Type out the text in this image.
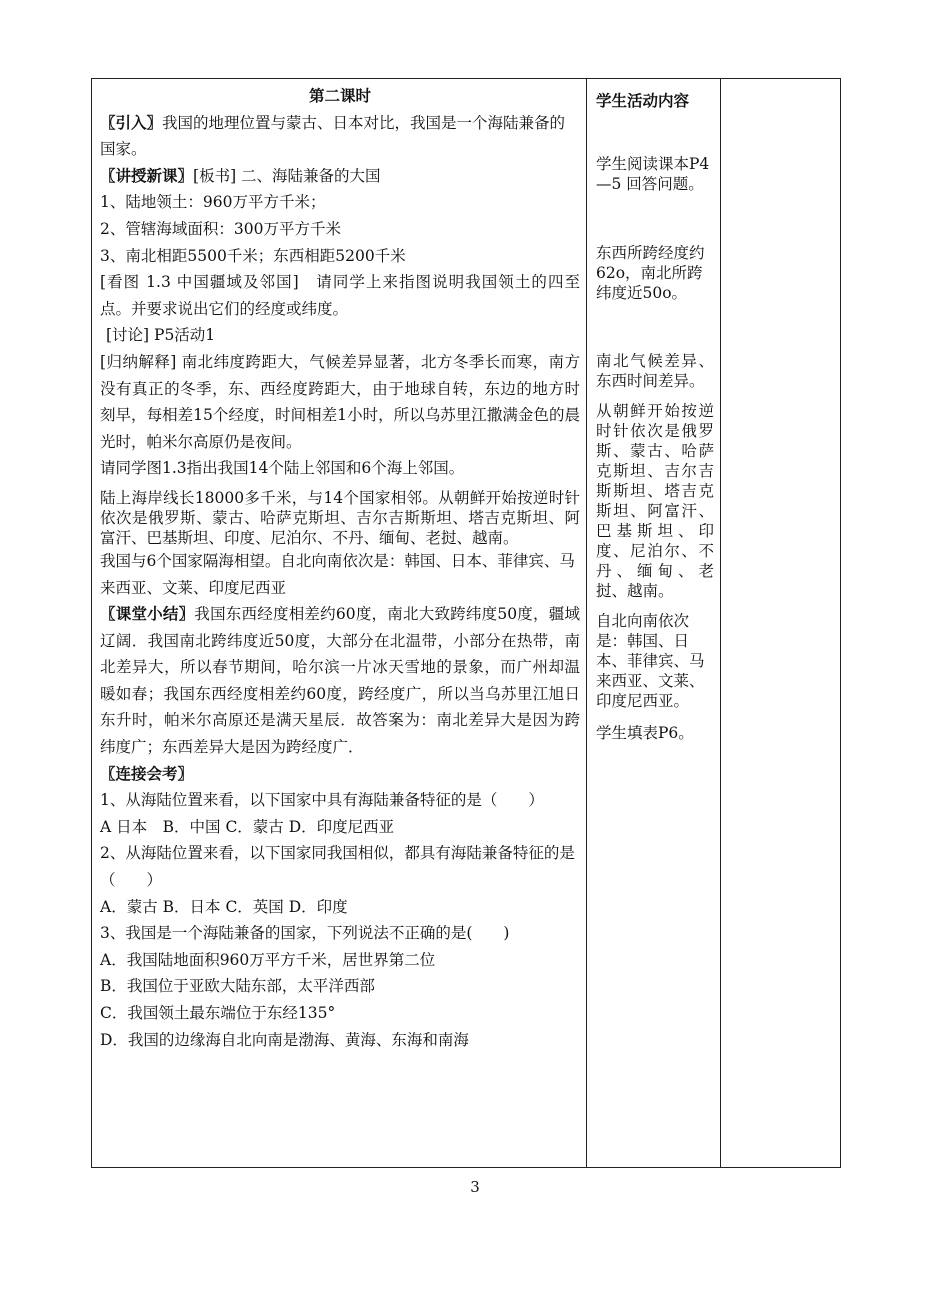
第二课时

〖引入〗我国的地理位置与蒙古、日本对比，我国是一个海陆兼备的国家。

〖讲授新课〗[板书] 二、海陆兼备的大国

1、陆地领土：960万平方千米；

2、管辖海域面积：300万平方千米

3、南北相距5500千米；东西相距5200千米

[看图 1.3 中国疆域及邻国]　请同学上来指图说明我国领土的四至点。并要求说出它们的经度或纬度。

[讨论] P5活动1

[归纳解释] 南北纬度跨距大，气候差异显著，北方冬季长而寒，南方没有真正的冬季，东、西经度跨距大，由于地球自转，东边的地方时刻早，每相差15个经度，时间相差1小时，所以乌苏里江撒满金色的晨光时，帕米尔高原仍是夜间。

请同学图1.3指出我国14个陆上邻国和6个海上邻国。

陆上海岸线长18000多千米，与14个国家相邻。从朝鲜开始按逆时针依次是俄罗斯、蒙古、哈萨克斯坦、吉尔吉斯斯坦、塔吉克斯坦、阿富汗、巴基斯坦、印度、尼泊尔、不丹、缅甸、老挝、越南。

我国与6个国家隔海相望。自北向南依次是：韩国、日本、菲律宾、马来西亚、文莱、印度尼西亚

〖课堂小结〗我国东西经度相差约60度，南北大致跨纬度50度，疆域辽阔．我国南北跨纬度近50度，大部分在北温带，小部分在热带，南北差异大，所以春节期间，哈尔滨一片冰天雪地的景象，而广州却温暖如春；我国东西经度相差约60度，跨经度广，所以当乌苏里江旭日东升时，帕米尔高原还是满天星辰．故答案为：南北差异大是因为跨纬度广；东西差异大是因为跨经度广．

〖连接会考〗

1、从海陆位置来看，以下国家中具有海陆兼备特征的是（　　）

A 日本　B．中国 C．蒙古 D．印度尼西亚

2、从海陆位置来看，以下国家同我国相似，都具有海陆兼备特征的是（　　）

A．蒙古 B．日本 C．英国 D．印度

3、我国是一个海陆兼备的国家，下列说法不正确的是(　　)

A．我国陆地面积960万平方千米，居世界第二位

B．我国位于亚欧大陆东部，太平洋西部

C．我国领土最东端位于东经135°

D．我国的边缘海自北向南是渤海、黄海、东海和南海

学生活动内容

学生阅读课本P4—5 回答问题。

东西所跨经度约62o，南北所跨纬度近50o。

南北气候差异、东西时间差异。

从朝鲜开始按逆时针依次是俄罗斯、蒙古、哈萨克斯坦、吉尔吉斯斯坦、塔吉克斯坦、阿富汗、巴基斯坦、印度、尼泊尔、不丹、缅甸、老挝、越南。

自北向南依次是：韩国、日本、菲律宾、马来西亚、文莱、印度尼西亚。

学生填表P6。

3
